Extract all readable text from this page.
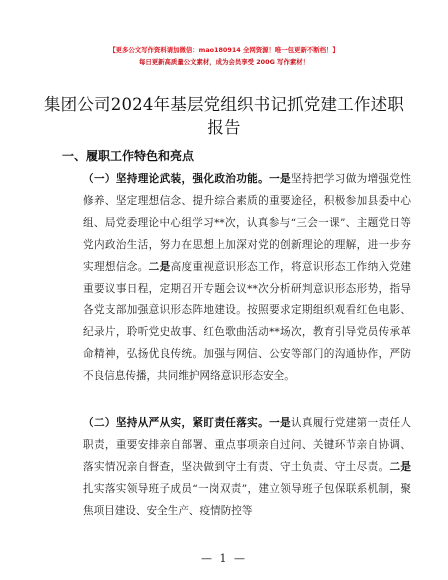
【更多公文写作资料请加微信：mao180914 全网资源！唯一包更新不断档！】
每日更新高质量公文素材，成为会员享受 200G 写作素材！
集团公司2024年基层党组织书记抓党建工作述职报告
一、履职工作特色和亮点
（一）坚持理论武装，强化政治功能。一是坚持把学习做为增强党性修养、坚定理想信念、提升综合素质的重要途径，积极参加县委中心组、局党委理论中心组学习**次，认真参与“三会一课”、主题党日等党内政治生活，努力在思想上加深对党的创新理论的理解，进一步夯实理想信念。二是高度重视意识形态工作，将意识形态工作纳入党建重要议事日程，定期召开专题会议**次分析研判意识形态形势，指导各党支部加强意识形态阵地建设。按照要求定期组织观看红色电影、纪录片，聆听党史故事、红色歌曲活动**场次，教育引导党员传承革命精神，弘扬优良传统。加强与网信、公安等部门的沟通协作，严防不良信息传播，共同维护网络意识形态安全。
（二）坚持从严从实，紧盯责任落实。一是认真履行党建第一责任人职责，重要安排亲自部署、重点事项亲自过问、关键环节亲自协调、落实情况亲自督查，坚决做到守土有责、守土负责、守土尽责。二是扎实落实领导班子成员“一岗双责”，建立领导班子包保联系机制，聚焦项目建设、安全生产、疫情防控等
— 1 —
